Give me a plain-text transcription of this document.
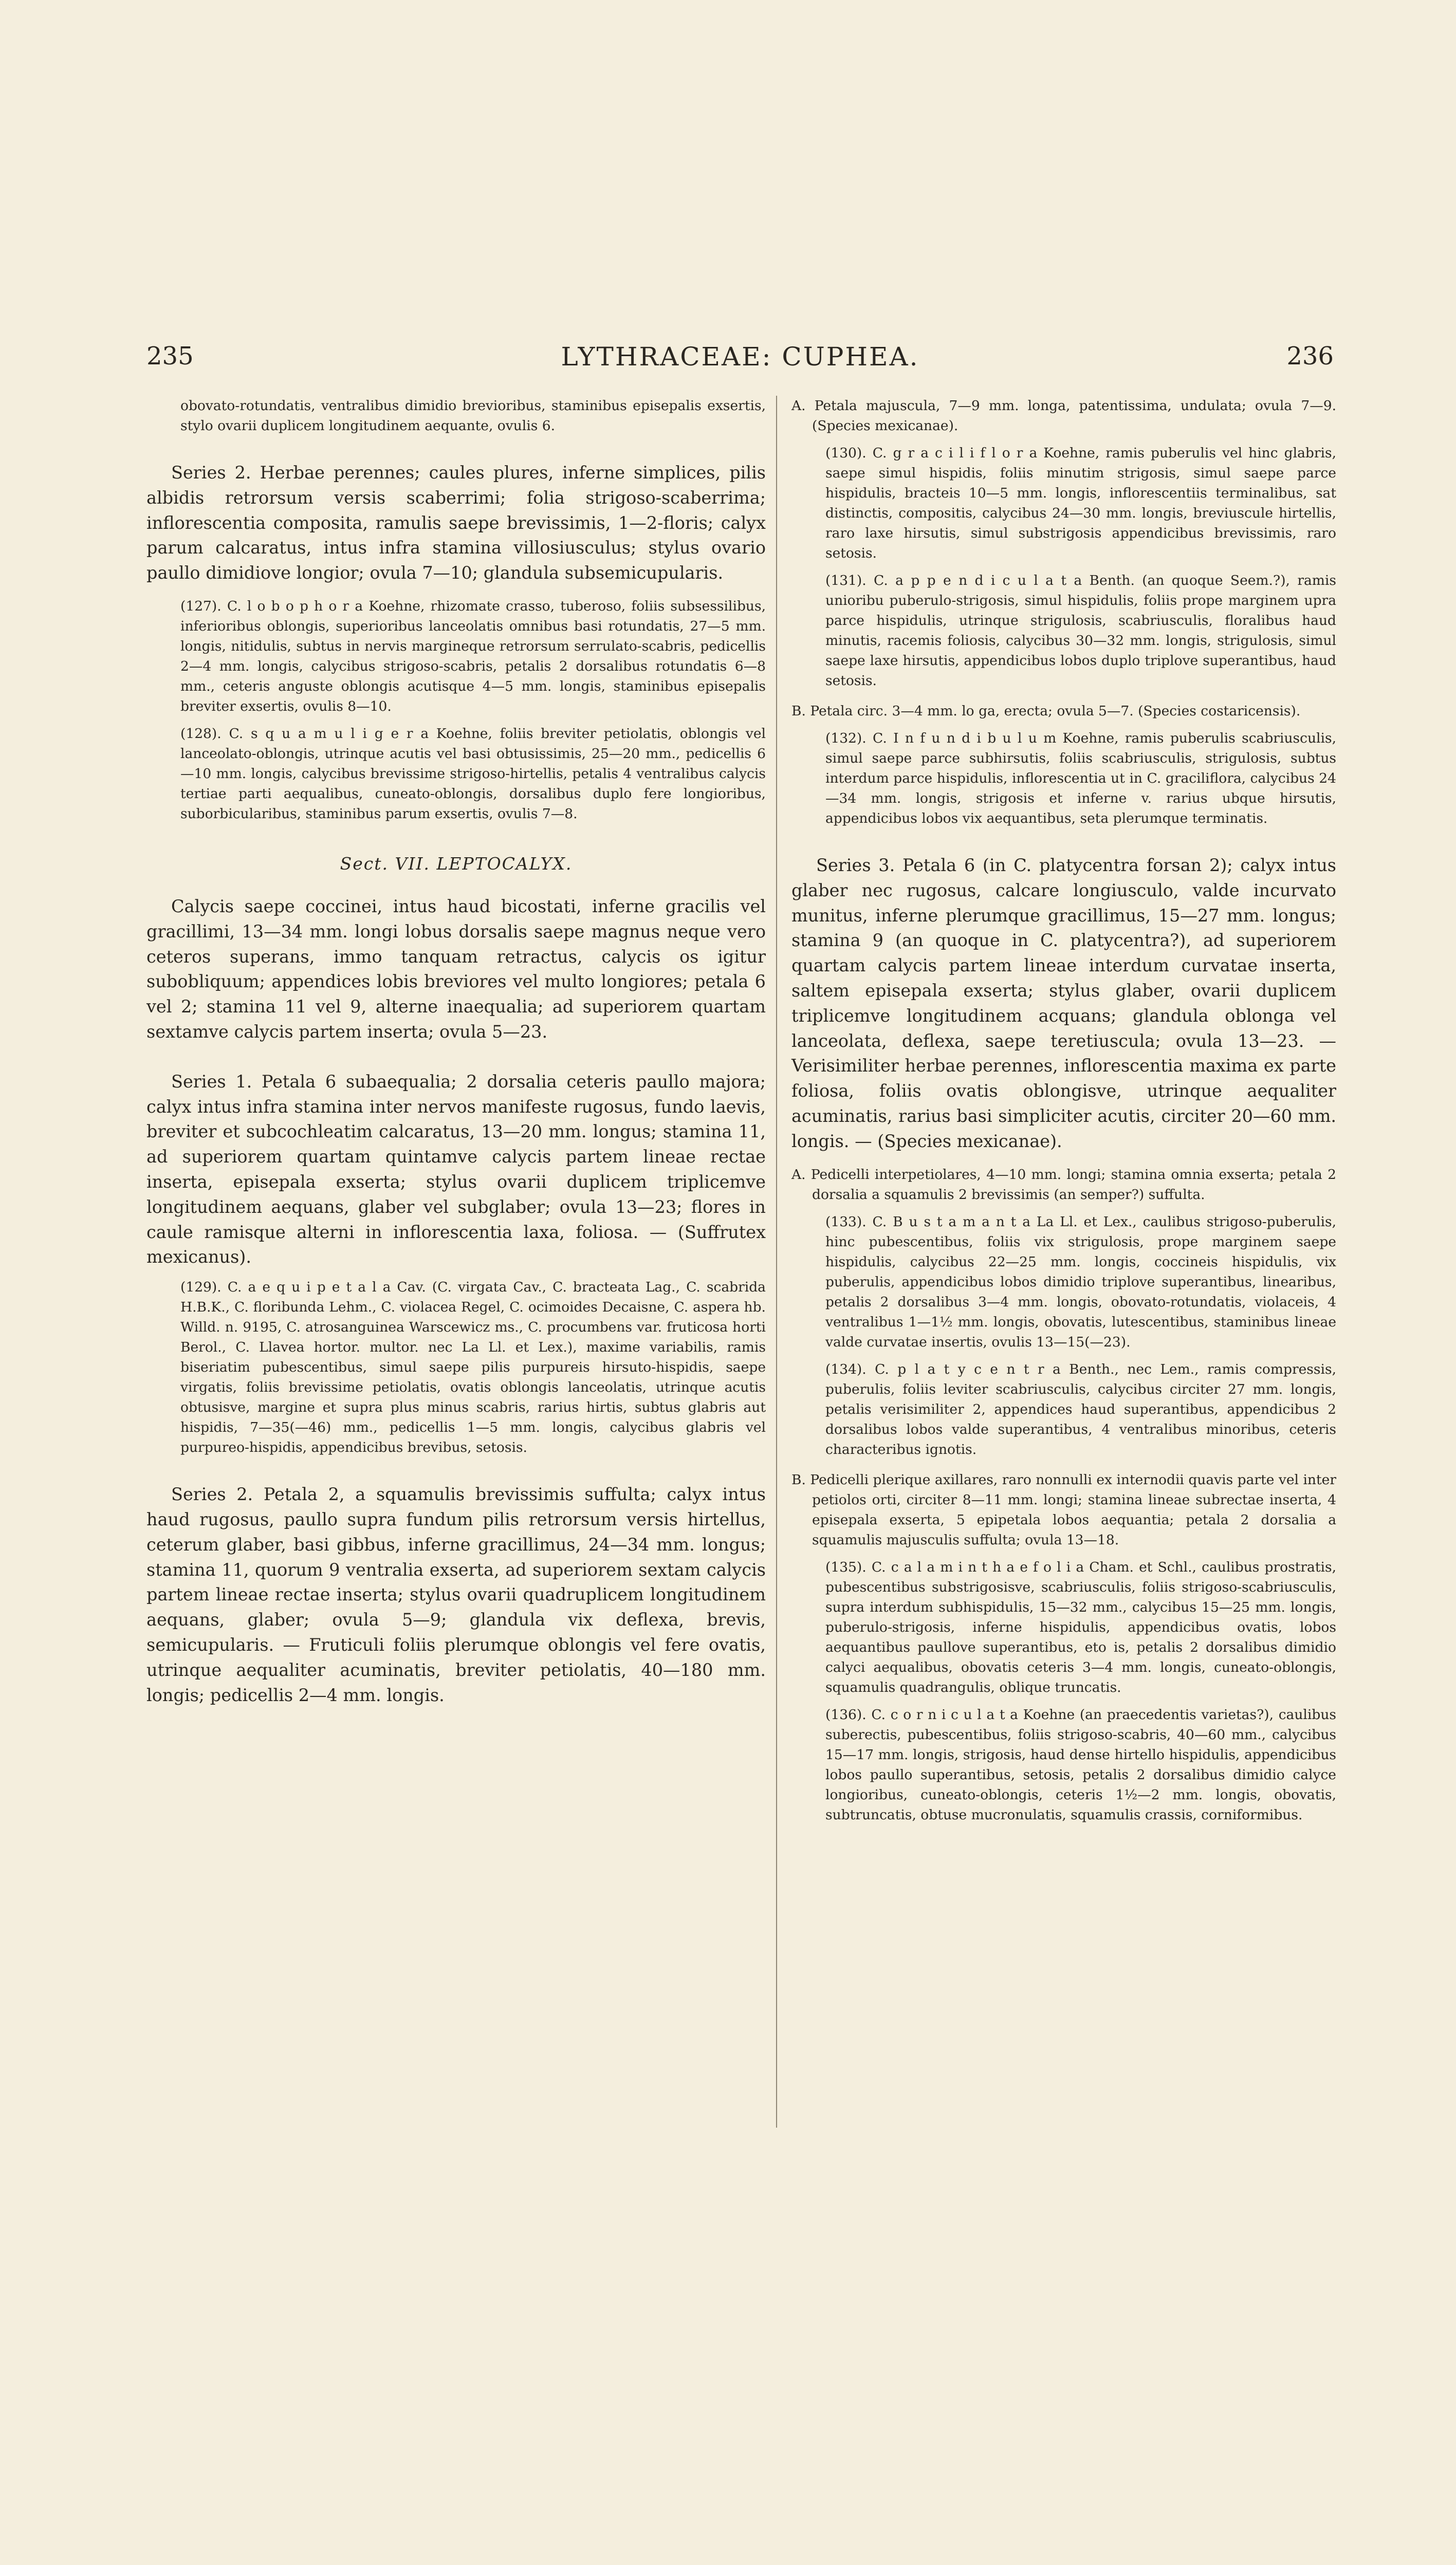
235	LYTHRACEAE: CUPHEA.	236

obovato-rotundatis, ventralibus dimidio brevioribus, staminibus episepalis exsertis, stylo ovarii duplicem longitudinem aequante, ovulis 6.

Series 2. Herbae perennes; caules plures, inferne simplices, pilis albidis retrorsum versis scaberrimi; folia strigoso-scaberrima; inflorescentia composita, ramulis saepe brevissimis, 1—2-floris; calyx parum calcaratus, intus infra stamina villosiusculus; stylus ovario paullo dimidiove longior; ovula 7—10; glandula subsemicupularis.

(127). C. l o b o p h o r a Koehne, rhizomate crasso, tuberoso, foliis subsessilibus, inferioribus oblongis, superioribus lanceolatis omnibus basi rotundatis, 27—5 mm. longis, nitidulis, subtus in nervis margineque retrorsum serrulato-scabris, pedicellis 2—4 mm. longis, calycibus strigoso-scabris, petalis 2 dorsalibus rotundatis 6—8 mm., ceteris anguste oblongis acutisque 4—5 mm. longis, staminibus episepalis breviter exsertis, ovulis 8—10.

(128). C. s q u a m u l i g e r a Koehne, foliis breviter petiolatis, oblongis vel lanceolato-oblongis, utrinque acutis vel basi obtusissimis, 25—20 mm., pedicellis 6—10 mm. longis, calycibus brevissime strigoso-hirtellis, petalis 4 ventralibus calycis tertiae parti aequalibus, cuneato-oblongis, dorsalibus duplo fere longioribus, suborbicularibus, staminibus parum exsertis, ovulis 7—8.

Sect. VII. LEPTOCALYX.

Calycis saepe coccinei, intus haud bicostati, inferne gracilis vel gracillimi, 13—34 mm. longi lobus dorsalis saepe magnus neque vero ceteros superans, immo tanquam retractus, calycis os igitur subobliquum; appendices lobis breviores vel multo longiores; petala 6 vel 2; stamina 11 vel 9, alterne inaequalia; ad superiorem quartam sextamve calycis partem inserta; ovula 5—23.

Series 1. Petala 6 subaequalia; 2 dorsalia ceteris paullo majora; calyx intus infra stamina inter nervos manifeste rugosus, fundo laevis, breviter et subcochleatim calcaratus, 13—20 mm. longus; stamina 11, ad superiorem quartam quintamve calycis partem lineae rectae inserta, episepala exserta; stylus ovarii duplicem triplicemve longitudinem aequans, glaber vel subglaber; ovula 13—23; flores in caule ramisque alterni in inflorescentia laxa, foliosa. — (Suffrutex mexicanus).

(129). C. a e q u i p e t a l a Cav. (C. virgata Cav., C. bracteata Lag., C. scabrida H.B.K., C. floribunda Lehm., C. violacea Regel, C. ocimoides Decaisne, C. aspera hb. Willd. n. 9195, C. atrosanguinea Warscewicz ms., C. procumbens var. fruticosa horti Berol., C. Llavea hortor. multor. nec La Ll. et Lex.), maxime variabilis, ramis biseriatim pubescentibus, simul saepe pilis purpureis hirsuto-hispidis, saepe virgatis, foliis brevissime petiolatis, ovatis oblongis lanceolatis, utrinque acutis obtusisve, margine et supra plus minus scabris, rarius hirtis, subtus glabris aut hispidis, 7—35(—46) mm., pedicellis 1—5 mm. longis, calycibus glabris vel purpureo-hispidis, appendicibus brevibus, setosis.

Series 2. Petala 2, a squamulis brevissimis suffulta; calyx intus haud rugosus, paullo supra fundum pilis retrorsum versis hirtellus, ceterum glaber, basi gibbus, inferne gracillimus, 24—34 mm. longus; stamina 11, quorum 9 ventralia exserta, ad superiorem sextam calycis partem lineae rectae inserta; stylus ovarii quadruplicem longitudinem aequans, glaber; ovula 5—9; glandula vix deflexa, brevis, semicupularis. — Fruticuli foliis plerumque oblongis vel fere ovatis, utrinque aequaliter acuminatis, breviter petiolatis, 40—180 mm. longis; pedicellis 2—4 mm. longis.

A. Petala majuscula, 7—9 mm. longa, patentissima, undulata; ovula 7—9. (Species mexicanae).

(130). C. g r a c i l i f l o r a Koehne, ramis puberulis vel hinc glabris, saepe simul hispidis, foliis minutim strigosis, simul saepe parce hispidulis, bracteis 10—5 mm. longis, inflorescentiis terminalibus, sat distinctis, compositis, calycibus 24—30 mm. longis, breviuscule hirtellis, raro laxe hirsutis, simul substrigosis appendicibus brevissimis, raro setosis.

(131). C. a p p e n d i c u l a t a Benth. (an quoque Seem.?), ramis unioribu puberulo-strigosis, simul hispidulis, foliis prope marginem upra parce hispidulis, utrinque strigulosis, scabriusculis, floralibus haud minutis, racemis foliosis, calycibus 30—32 mm. longis, strigulosis, simul saepe laxe hirsutis, appendicibus lobos duplo triplove superantibus, haud setosis.

B. Petala circ. 3—4 mm. lo ga, erecta; ovula 5—7. (Species costaricensis).

(132). C. I n f u n d i b u l u m Koehne, ramis puberulis scabriusculis, simul saepe parce subhirsutis, foliis scabriusculis, strigulosis, subtus interdum parce hispidulis, inflorescentia ut in C. graciliflora, calycibus 24—34 mm. longis, strigosis et inferne v. rarius ubque hirsutis, appendicibus lobos vix aequantibus, seta plerumque terminatis.

Series 3. Petala 6 (in C. platycentra forsan 2); calyx intus glaber nec rugosus, calcare longiusculo, valde incurvato munitus, inferne plerumque gracillimus, 15—27 mm. longus; stamina 9 (an quoque in C. platycentra?), ad superiorem quartam calycis partem lineae interdum curvatae inserta, saltem episepala exserta; stylus glaber, ovarii duplicem triplicemve longitudinem acquans; glandula oblonga vel lanceolata, deflexa, saepe teretiuscula; ovula 13—23. — Verisimiliter herbae perennes, inflorescentia maxima ex parte foliosa, foliis ovatis oblongisve, utrinque aequaliter acuminatis, rarius basi simpliciter acutis, circiter 20—60 mm. longis. — (Species mexicanae).

A. Pedicelli interpetiolares, 4—10 mm. longi; stamina omnia exserta; petala 2 dorsalia a squamulis 2 brevissimis (an semper?) suffulta.

(133). C. B u s t a m a n t a La Ll. et Lex., caulibus strigoso-puberulis, hinc pubescentibus, foliis vix strigulosis, prope marginem saepe hispidulis, calycibus 22—25 mm. longis, coccineis hispidulis, vix puberulis, appendicibus lobos dimidio triplove superantibus, linearibus, petalis 2 dorsalibus 3—4 mm. longis, obovato-rotundatis, violaceis, 4 ventralibus 1—1½ mm. longis, obovatis, lutescentibus, staminibus lineae valde curvatae insertis, ovulis 13—15(—23).

(134). C. p l a t y c e n t r a Benth., nec Lem., ramis compressis, puberulis, foliis leviter scabriusculis, calycibus circiter 27 mm. longis, petalis verisimiliter 2, appendices haud superantibus, appendicibus 2 dorsalibus lobos valde superantibus, 4 ventralibus minoribus, ceteris characteribus ignotis.

B. Pedicelli plerique axillares, raro nonnulli ex internodii quavis parte vel inter petiolos orti, circiter 8—11 mm. longi; stamina lineae subrectae inserta, 4 episepala exserta, 5 epipetala lobos aequantia; petala 2 dorsalia a squamulis majusculis suffulta; ovula 13—18.

(135). C. c a l a m i n t h a e f o l i a Cham. et Schl., caulibus prostratis, pubescentibus substrigosisve, scabriusculis, foliis strigoso-scabriusculis, supra interdum subhispidulis, 15—32 mm., calycibus 15—25 mm. longis, puberulo-strigosis, inferne hispidulis, appendicibus ovatis, lobos aequantibus paullove superantibus, eto is, petalis 2 dorsalibus dimidio calyci aequalibus, obovatis ceteris 3—4 mm. longis, cuneato-oblongis, squamulis quadrangulis, oblique truncatis.

(136). C. c o r n i c u l a t a Koehne (an praecedentis varietas?), caulibus suberectis, pubescentibus, foliis strigoso-scabris, 40—60 mm., calycibus 15—17 mm. longis, strigosis, haud dense hirtello hispidulis, appendicibus lobos paullo superantibus, setosis, petalis 2 dorsalibus dimidio calyce longioribus, cuneato-oblongis, ceteris 1½—2 mm. longis, obovatis, subtruncatis, obtuse mucronulatis, squamulis crassis, corniformibus.
